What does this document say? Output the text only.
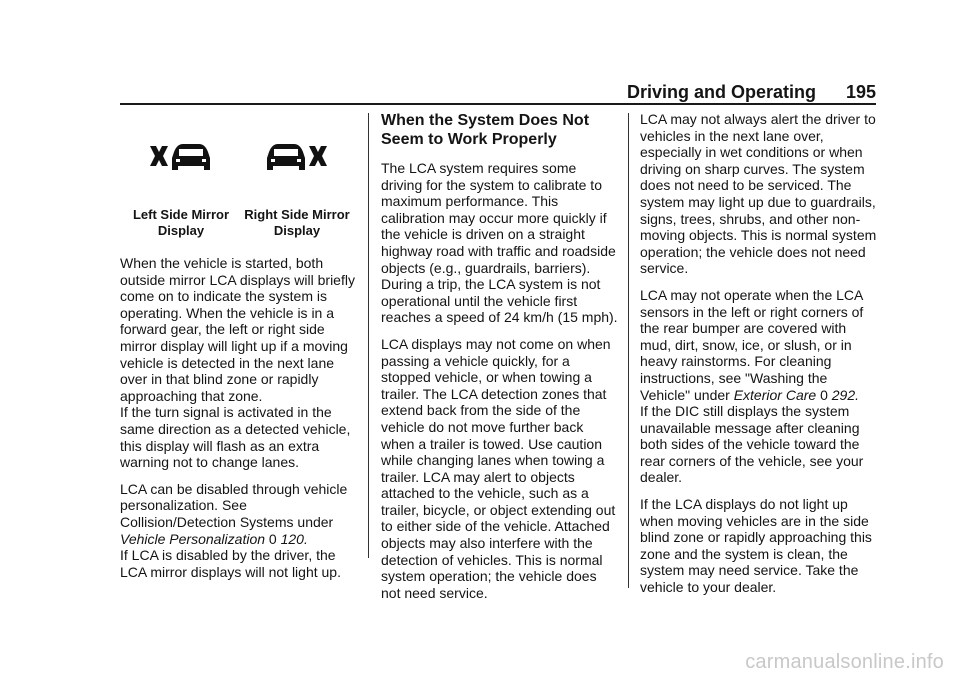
Driving and Operating 195
Left Side Mirror
Display
Right Side Mirror
Display

When the vehicle is started, both outside mirror LCA displays will briefly come on to indicate the system is operating. When the vehicle is in a forward gear, the left or right side mirror display will light up if a moving vehicle is detected in the next lane over in that blind zone or rapidly approaching that zone.

If the turn signal is activated in the same direction as a detected vehicle, this display will flash as an extra warning not to change lanes.

LCA can be disabled through vehicle personalization. See Collision/Detection Systems under Vehicle Personalization 0 120.

If LCA is disabled by the driver, the LCA mirror displays will not light up.

When the System Does Not Seem to Work Properly

The LCA system requires some driving for the system to calibrate to maximum performance. This calibration may occur more quickly if the vehicle is driven on a straight highway road with traffic and roadside objects (e.g., guardrails, barriers). During a trip, the LCA system is not operational until the vehicle first reaches a speed of 24 km/h (15 mph).

LCA displays may not come on when passing a vehicle quickly, for a stopped vehicle, or when towing a trailer. The LCA detection zones that extend back from the side of the vehicle do not move further back when a trailer is towed. Use caution while changing lanes when towing a trailer. LCA may alert to objects attached to the vehicle, such as a trailer, bicycle, or object extending out to either side of the vehicle. Attached objects may also interfere with the detection of vehicles. This is normal system operation; the vehicle does not need service.

LCA may not always alert the driver to vehicles in the next lane over, especially in wet conditions or when driving on sharp curves. The system does not need to be serviced. The system may light up due to guardrails, signs, trees, shrubs, and other non-moving objects. This is normal system operation; the vehicle does not need service.

LCA may not operate when the LCA sensors in the left or right corners of the rear bumper are covered with mud, dirt, snow, ice, or slush, or in heavy rainstorms. For cleaning instructions, see "Washing the Vehicle" under Exterior Care 0 292.

If the DIC still displays the system unavailable message after cleaning both sides of the vehicle toward the rear corners of the vehicle, see your dealer.

If the LCA displays do not light up when moving vehicles are in the side blind zone or rapidly approaching this zone and the system is clean, the system may need service. Take the vehicle to your dealer.

carmanualsonline.info
